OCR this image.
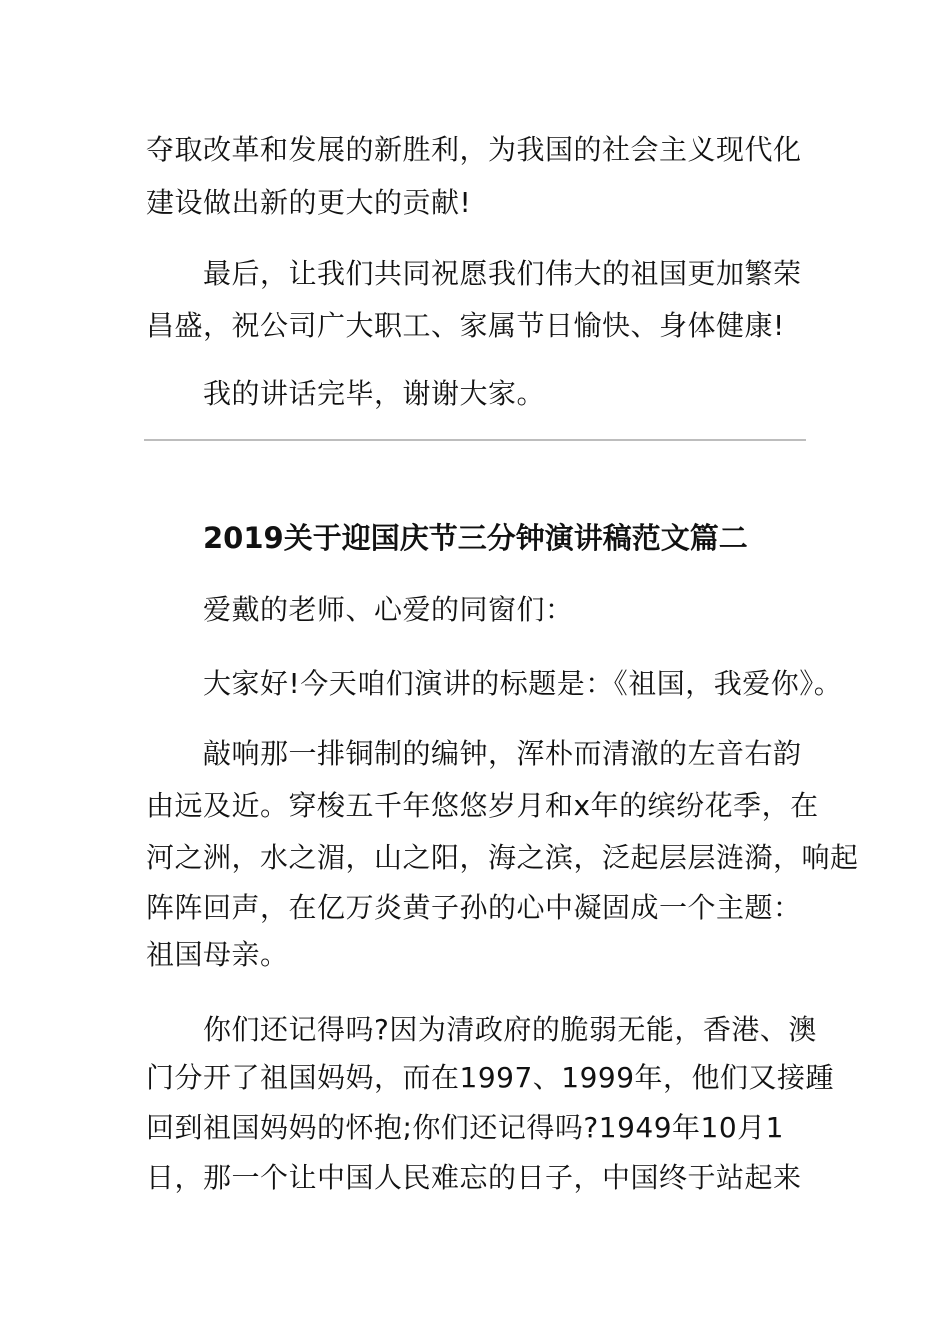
夺取改革和发展的新胜利，为我国的社会主义现代化
建设做出新的更大的贡献!
最后，让我们共同祝愿我们伟大的祖国更加繁荣
昌盛，祝公司广大职工、家属节日愉快、身体健康!
我的讲话完毕，谢谢大家。
2019关于迎国庆节三分钟演讲稿范文篇二
爱戴的老师、心爱的同窗们：
大家好!今天咱们演讲的标题是：《祖国，我爱你》。
敲响那一排铜制的编钟，浑朴而清澈的左音右韵
由远及近。穿梭五千年悠悠岁月和x年的缤纷花季，在
河之洲，水之湄，山之阳，海之滨，泛起层层涟漪，响起
阵阵回声，在亿万炎黄子孙的心中凝固成一个主题：
祖国母亲。
你们还记得吗?因为清政府的脆弱无能，香港、澳
门分开了祖国妈妈，而在1997、1999年，他们又接踵
回到祖国妈妈的怀抱;你们还记得吗?1949年10月1
日，那一个让中国人民难忘的日子，中国终于站起来
